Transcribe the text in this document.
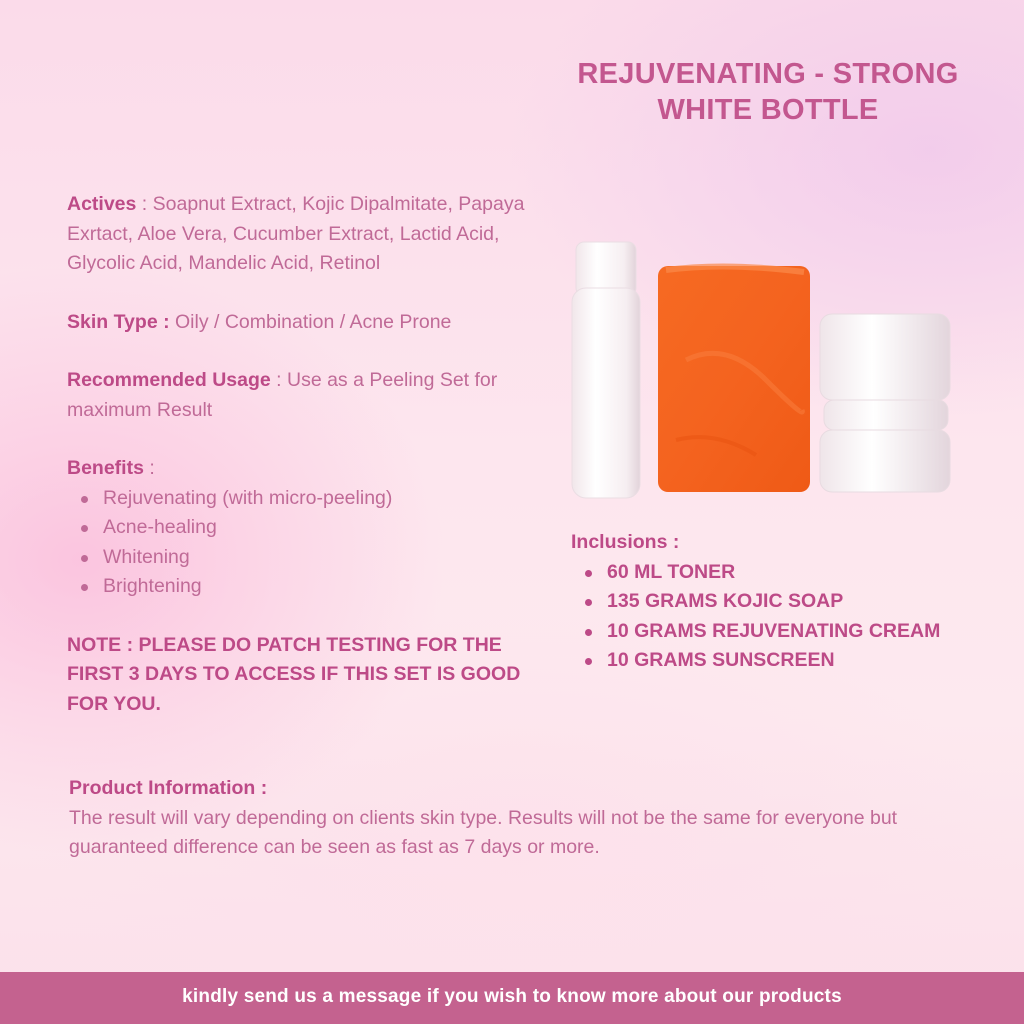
REJUVENATING - STRONG
WHITE BOTTLE

Actives : Soapnut Extract, Kojic Dipalmitate, Papaya Exrtact, Aloe Vera, Cucumber Extract, Lactid Acid, Glycolic Acid, Mandelic Acid, Retinol

Skin Type : Oily / Combination / Acne Prone

Recommended Usage : Use as a Peeling Set for maximum Result

Benefits :

Rejuvenating (with micro-peeling)
Acne-healing
Whitening
Brightening

NOTE : PLEASE DO PATCH TESTING FOR THE FIRST 3 DAYS TO ACCESS IF THIS SET IS GOOD FOR YOU.

Inclusions :

60 ML TONER
135 GRAMS KOJIC SOAP
10 GRAMS REJUVENATING CREAM
10 GRAMS SUNSCREEN

Product Information :

The result will vary depending on clients skin type. Results will not be the same for everyone but guaranteed difference can be seen as fast as 7 days or more.

kindly send us a message if you wish to know more about our products
